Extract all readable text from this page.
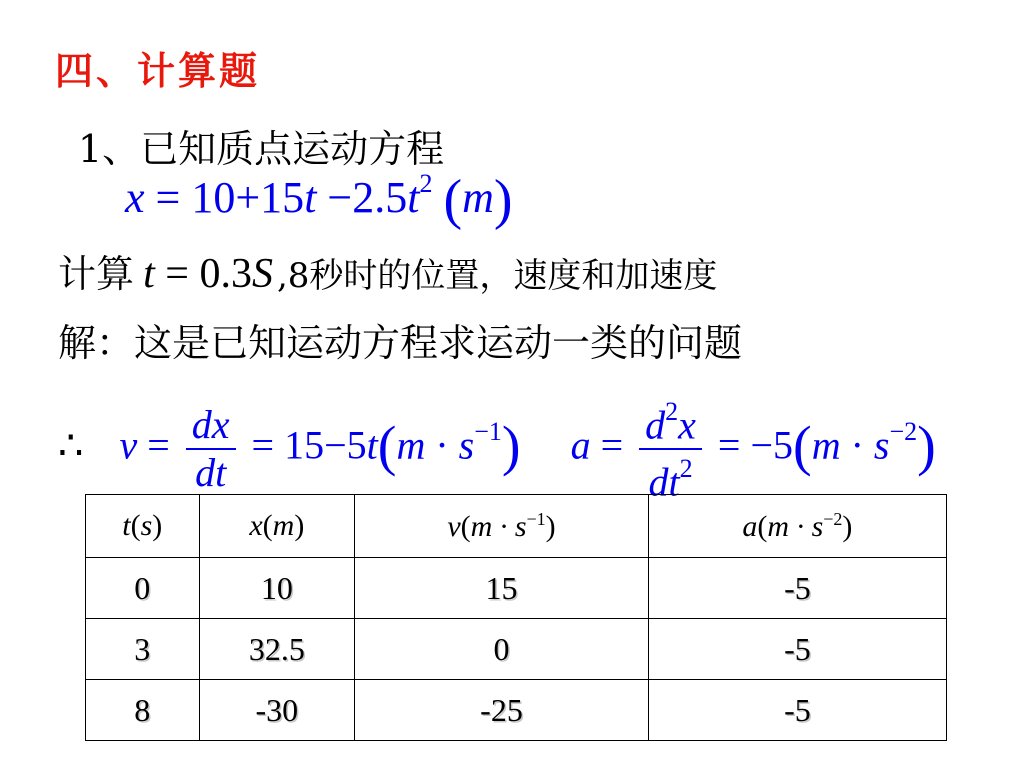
四、计算题
1、已知质点运动方程
$x = 10+15t -2.5t^2$ (m)
计算 t = 0.3S ,8秒时的位置，速度和加速度
解：这是已知运动方程求运动一类的问题
∴ $v = \frac{dx}{dt} = 15-5t(m \cdot s^{-1}) a = \frac{d^2x}{dt^2} = -5(m \cdot s^{-2})$
t(s)	x(m)	$v(m \cdot s^{-1})$	$a(m \cdot s^{-2})$
0	10	15	-5
3	32.5	0	-5
8	-30	-25	-5
